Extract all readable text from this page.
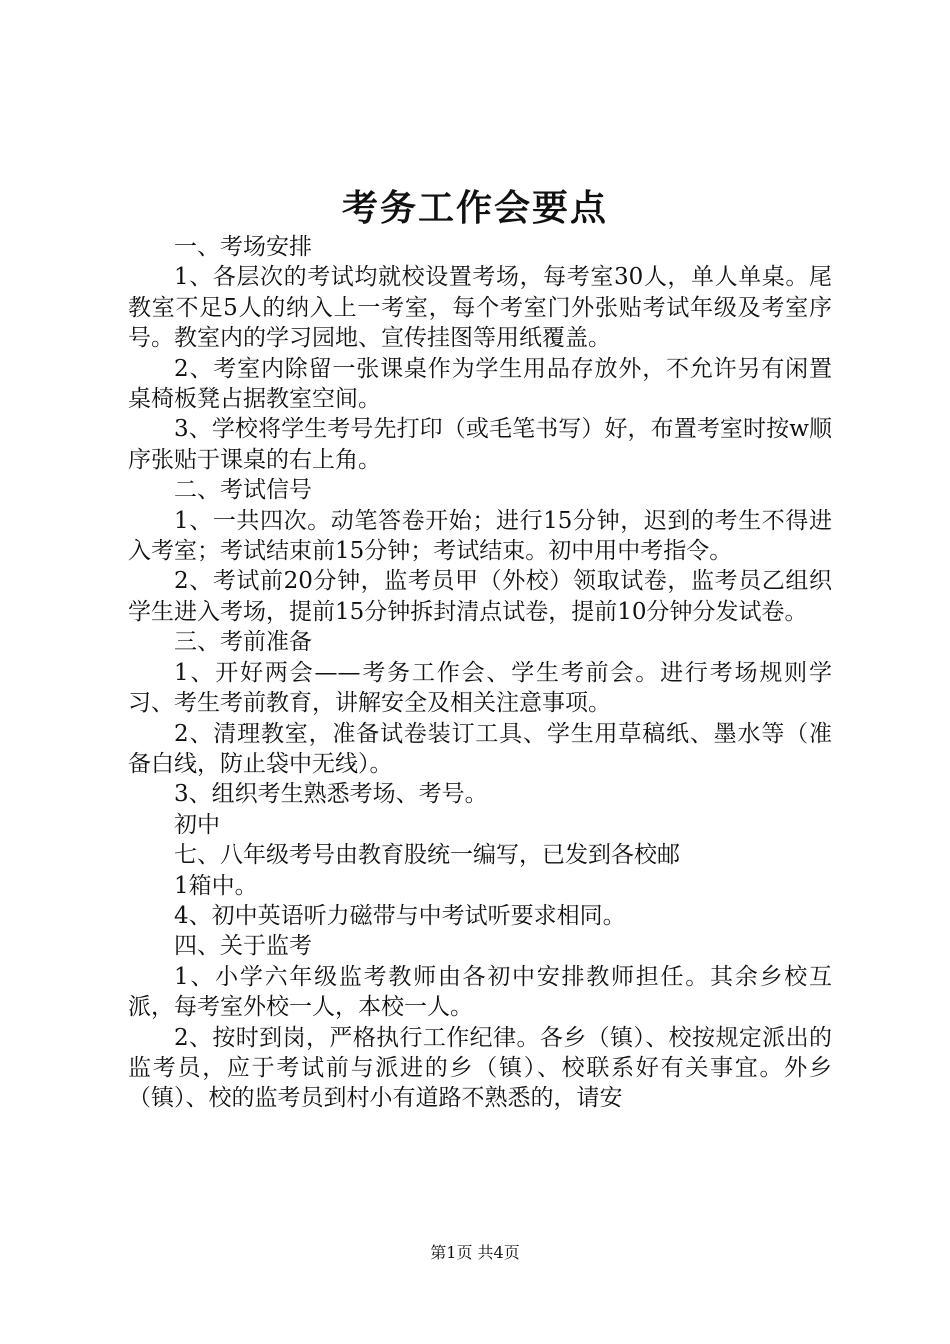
考务工作会要点

一、考场安排

1、各层次的考试均就校设置考场，每考室30人，单人单桌。尾教室不足5人的纳入上一考室，每个考室门外张贴考试年级及考室序号。教室内的学习园地、宣传挂图等用纸覆盖。

2、考室内除留一张课桌作为学生用品存放外，不允许另有闲置桌椅板凳占据教室空间。

3、学校将学生考号先打印（或毛笔书写）好，布置考室时按w顺序张贴于课桌的右上角。

二、考试信号

1、一共四次。动笔答卷开始；进行15分钟，迟到的考生不得进入考室；考试结束前15分钟；考试结束。初中用中考指令。

2、考试前20分钟，监考员甲（外校）领取试卷，监考员乙组织学生进入考场，提前15分钟拆封清点试卷，提前10分钟分发试卷。

三、考前准备

1、开好两会——考务工作会、学生考前会。进行考场规则学习、考生考前教育，讲解安全及相关注意事项。

2、清理教室，准备试卷装订工具、学生用草稿纸、墨水等（准备白线，防止袋中无线）。

3、组织考生熟悉考场、考号。

初中

七、八年级考号由教育股统一编写，已发到各校邮

1箱中。

4、初中英语听力磁带与中考试听要求相同。

四、关于监考

1、小学六年级监考教师由各初中安排教师担任。其余乡校互派，每考室外校一人，本校一人。

2、按时到岗，严格执行工作纪律。各乡（镇）、校按规定派出的监考员，应于考试前与派进的乡（镇）、校联系好有关事宜。外乡（镇）、校的监考员到村小有道路不熟悉的，请安

第1页 共4页
